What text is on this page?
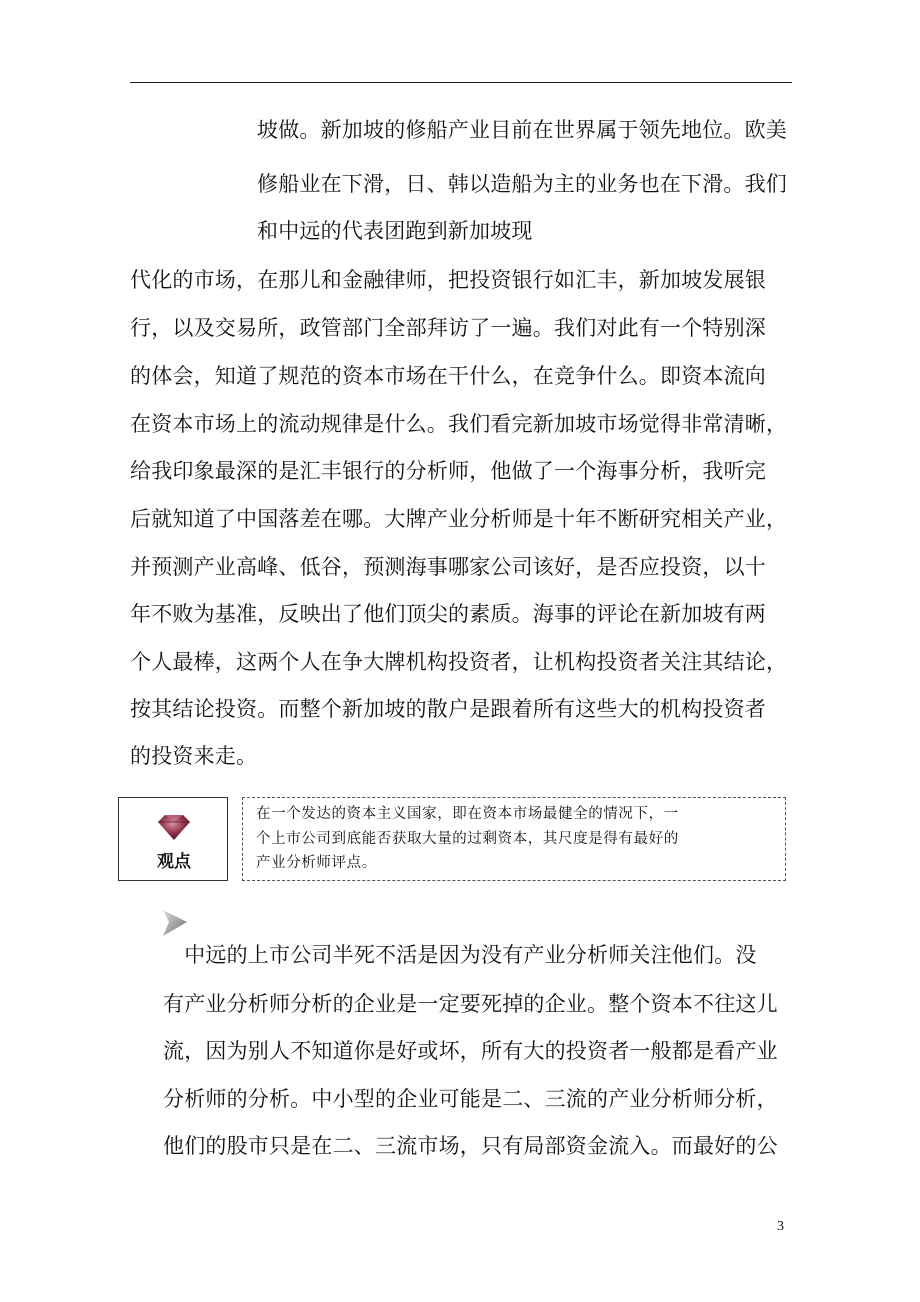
坡做。新加坡的修船产业目前在世界属于领先地位。欧美
修船业在下滑，日、韩以造船为主的业务也在下滑。我们
和中远的代表团跑到新加坡现
代化的市场，在那儿和金融律师，把投资银行如汇丰，新加坡发展银
行，以及交易所，政管部门全部拜访了一遍。我们对此有一个特别深
的体会，知道了规范的资本市场在干什么，在竞争什么。即资本流向
在资本市场上的流动规律是什么。我们看完新加坡市场觉得非常清晰，
给我印象最深的是汇丰银行的分析师，他做了一个海事分析，我听完
后就知道了中国落差在哪。大牌产业分析师是十年不断研究相关产业，
并预测产业高峰、低谷，预测海事哪家公司该好，是否应投资，以十
年不败为基准，反映出了他们顶尖的素质。海事的评论在新加坡有两
个人最棒，这两个人在争大牌机构投资者，让机构投资者关注其结论，
按其结论投资。而整个新加坡的散户是跟着所有这些大的机构投资者
的投资来走。
观点
在一个发达的资本主义国家，即在资本市场最健全的情况下，一
个上市公司到底能否获取大量的过剩资本，其尺度是得有最好的
产业分析师评点。
　中远的上市公司半死不活是因为没有产业分析师关注他们。没
有产业分析师分析的企业是一定要死掉的企业。整个资本不往这儿
流，因为别人不知道你是好或坏，所有大的投资者一般都是看产业
分析师的分析。中小型的企业可能是二、三流的产业分析师分析，
他们的股市只是在二、三流市场，只有局部资金流入。而最好的公
3
